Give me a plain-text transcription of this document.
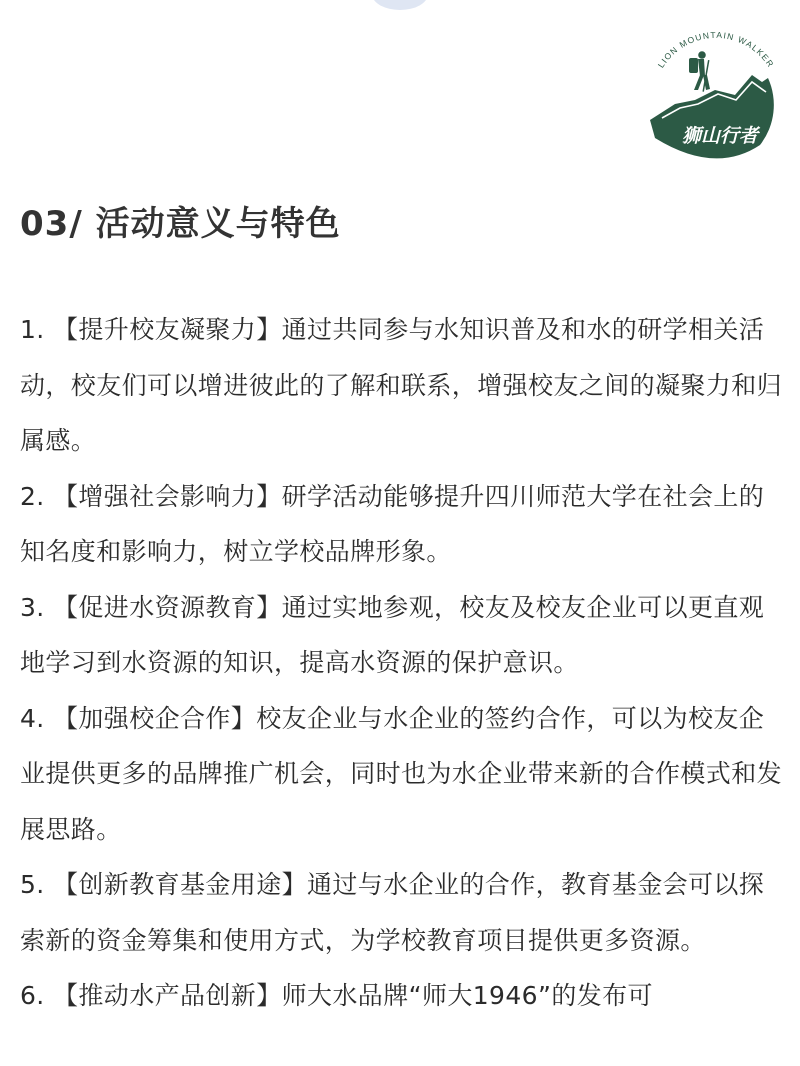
LION MOUNTAIN WALKER
狮山行者
03/ 活动意义与特色

1. 【提升校友凝聚力】通过共同参与水知识普及和水的研学相关活动，校友们可以增进彼此的了解和联系，增强校友之间的凝聚力和归属感。

2. 【增强社会影响力】研学活动能够提升四川师范大学在社会上的知名度和影响力，树立学校品牌形象。

3. 【促进水资源教育】通过实地参观，校友及校友企业可以更直观地学习到水资源的知识，提高水资源的保护意识。

4. 【加强校企合作】校友企业与水企业的签约合作，可以为校友企业提供更多的品牌推广机会，同时也为水企业带来新的合作模式和发展思路。

5. 【创新教育基金用途】通过与水企业的合作，教育基金会可以探索新的资金筹集和使用方式，为学校教育项目提供更多资源。

6. 【推动水产品创新】师大水品牌“师大1946”的发布可
